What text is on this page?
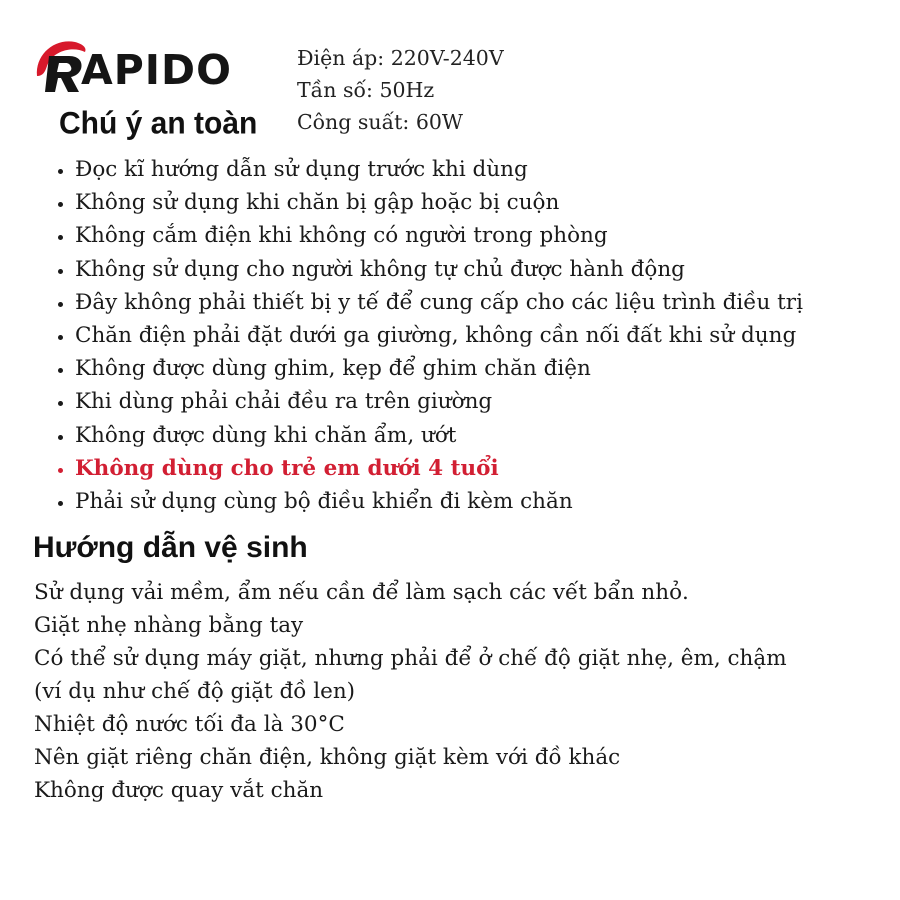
APIDO
Chú ý an toàn
Điện áp: 220V-240V
Tần số: 50Hz
Công suất: 60W
• Đọc kĩ hướng dẫn sử dụng trước khi dùng
• Không sử dụng khi chăn bị gập hoặc bị cuộn
• Không cắm điện khi không có người trong phòng
• Không sử dụng cho người không tự chủ được hành động
• Đây không phải thiết bị y tế để cung cấp cho các liệu trình điều trị
• Chăn điện phải đặt dưới ga giường, không cần nối đất khi sử dụng
• Không được dùng ghim, kẹp để ghim chăn điện
• Khi dùng phải chải đều ra trên giường
• Không được dùng khi chăn ẩm, ướt
• Không dùng cho trẻ em dưới 4 tuổi
• Phải sử dụng cùng bộ điều khiển đi kèm chăn
Hướng dẫn vệ sinh
Sử dụng vải mềm, ẩm nếu cần để làm sạch các vết bẩn nhỏ.
Giặt nhẹ nhàng bằng tay
Có thể sử dụng máy giặt, nhưng phải để ở chế độ giặt nhẹ, êm, chậm
(ví dụ như chế độ giặt đồ len)
Nhiệt độ nước tối đa là 30°C
Nên giặt riêng chăn điện, không giặt kèm với đồ khác
Không được quay vắt chăn
